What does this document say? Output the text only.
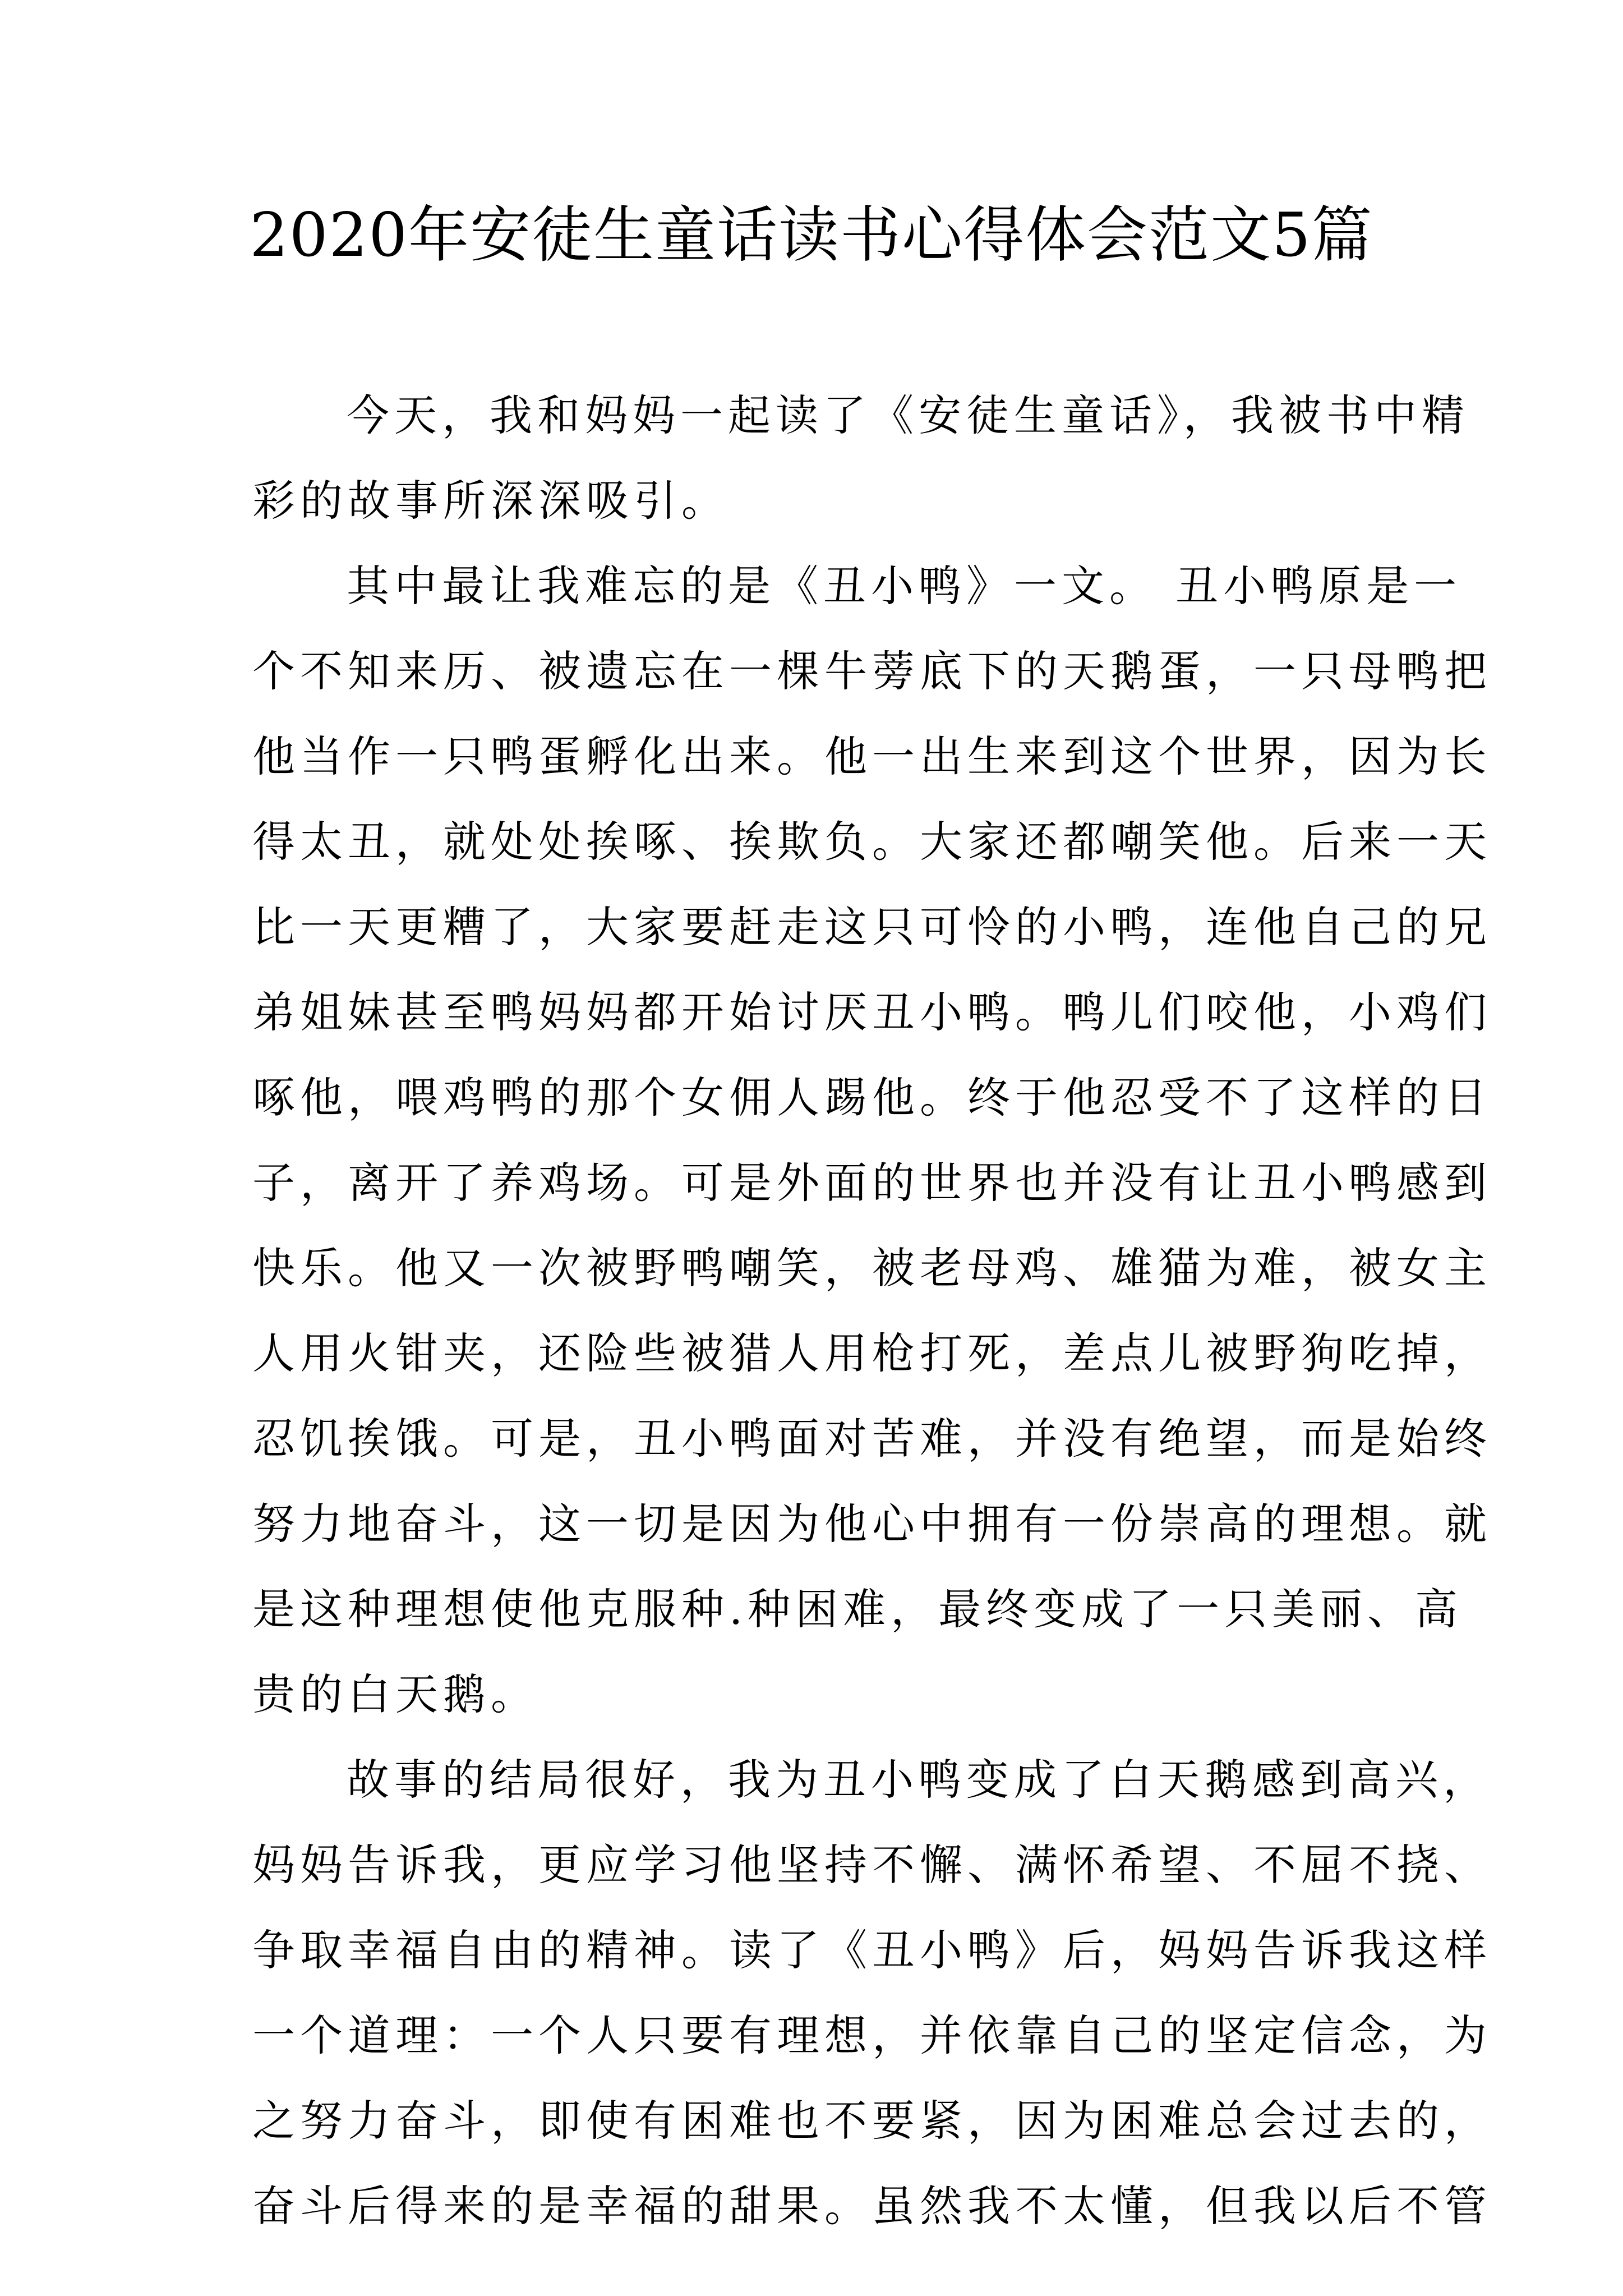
2020年安徒生童话读书心得体会范文5篇
今天，我和妈妈一起读了《安徒生童话》，我被书中精
彩的故事所深深吸引。
其中最让我难忘的是《丑小鸭》一文。 丑小鸭原是一
个不知来历、被遗忘在一棵牛蒡底下的天鹅蛋，一只母鸭把
他当作一只鸭蛋孵化出来。他一出生来到这个世界，因为长
得太丑，就处处挨啄、挨欺负。大家还都嘲笑他。后来一天
比一天更糟了，大家要赶走这只可怜的小鸭，连他自己的兄
弟姐妹甚至鸭妈妈都开始讨厌丑小鸭。鸭儿们咬他，小鸡们
啄他，喂鸡鸭的那个女佣人踢他。终于他忍受不了这样的日
子，离开了养鸡场。可是外面的世界也并没有让丑小鸭感到
快乐。他又一次被野鸭嘲笑，被老母鸡、雄猫为难，被女主
人用火钳夹，还险些被猎人用枪打死，差点儿被野狗吃掉，
忍饥挨饿。可是，丑小鸭面对苦难，并没有绝望，而是始终
努力地奋斗，这一切是因为他心中拥有一份崇高的理想。就
是这种理想使他克服种.种困难，最终变成了一只美丽、高
贵的白天鹅。
故事的结局很好，我为丑小鸭变成了白天鹅感到高兴，
妈妈告诉我，更应学习他坚持不懈、满怀希望、不屈不挠、
争取幸福自由的精神。读了《丑小鸭》后，妈妈告诉我这样
一个道理：一个人只要有理想，并依靠自己的坚定信念，为
之努力奋斗，即使有困难也不要紧，因为困难总会过去的，
奋斗后得来的是幸福的甜果。虽然我不太懂，但我以后不管
